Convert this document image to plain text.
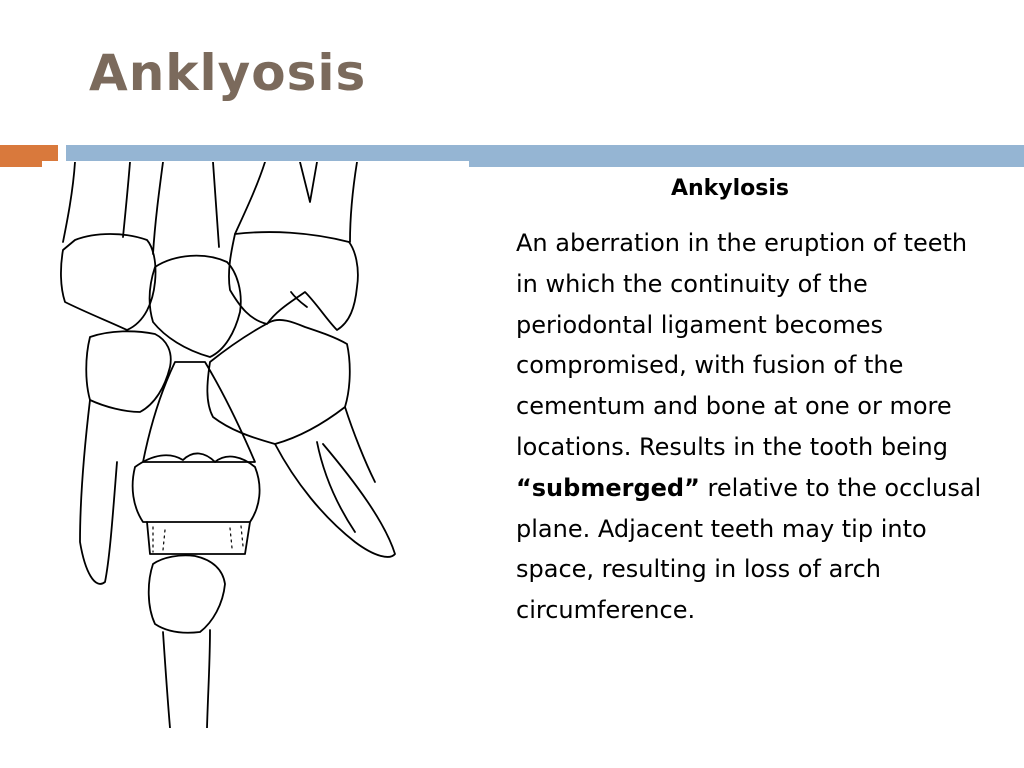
Anklyosis
Ankylosis

An aberration in the eruption of teeth in which the continuity of the periodontal ligament becomes compromised, with fusion of the cementum and bone at one or more locations. Results in the tooth being “submerged” relative to the occlusal plane. Adjacent teeth may tip into space, resulting in loss of arch circumference.
